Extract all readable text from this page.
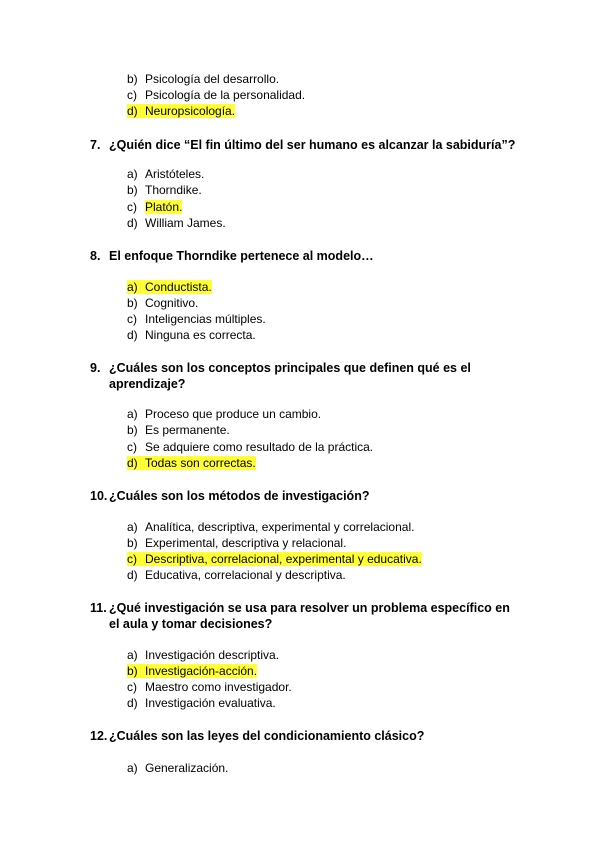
b) Psicología del desarrollo.
c) Psicología de la personalidad.
d) Neuropsicología.
7. ¿Quién dice “El fin último del ser humano es alcanzar la sabiduría”?
a) Aristóteles.
b) Thorndike.
c) Platón.
d) William James.
8. El enfoque Thorndike pertenece al modelo…
a) Conductista.
b) Cognitivo.
c) Inteligencias múltiples.
d) Ninguna es correcta.
9. ¿Cuáles son los conceptos principales que definen qué es el aprendizaje?
a) Proceso que produce un cambio.
b) Es permanente.
c) Se adquiere como resultado de la práctica.
d) Todas son correctas.
10. ¿Cuáles son los métodos de investigación?
a) Analítica, descriptiva, experimental y correlacional.
b) Experimental, descriptiva y relacional.
c) Descriptiva, correlacional, experimental y educativa.
d) Educativa, correlacional y descriptiva.
11. ¿Qué investigación se usa para resolver un problema específico en el aula y tomar decisiones?
a) Investigación descriptiva.
b) Investigación-acción.
c) Maestro como investigador.
d) Investigación evaluativa.
12. ¿Cuáles son las leyes del condicionamiento clásico?
a) Generalización.
